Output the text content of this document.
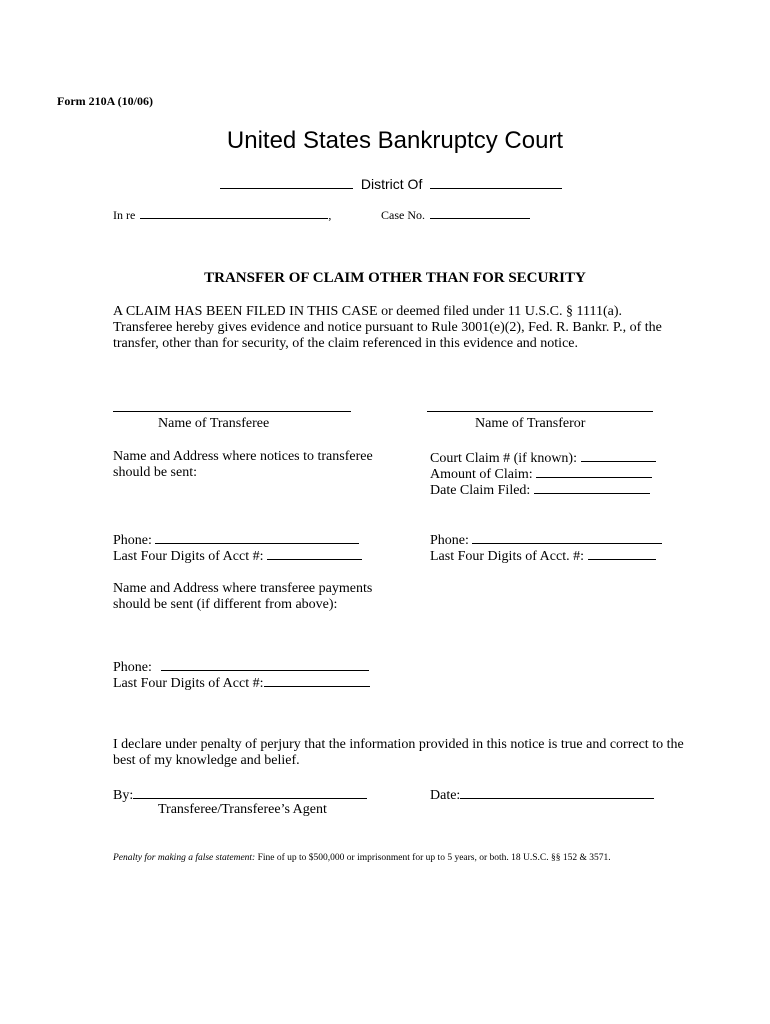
Form 210A (10/06)
United States Bankruptcy Court
District Of
In re	,	Case No.
TRANSFER OF CLAIM OTHER THAN FOR SECURITY
A CLAIM HAS BEEN FILED IN THIS CASE or deemed filed under 11 U.S.C. § 1111(a).
Transferee hereby gives evidence and notice pursuant to Rule 3001(e)(2), Fed. R. Bankr. P., of the
transfer, other than for security, of the claim referenced in this evidence and notice.
Name of Transferee	Name of Transferor
Name and Address where notices to transferee
should be sent:
Court Claim # (if known):
Amount of Claim:
Date Claim Filed:
Phone:
Last Four Digits of Acct #:
Phone:
Last Four Digits of Acct. #:
Name and Address where transferee payments
should be sent (if different from above):
Phone:
Last Four Digits of Acct #:
I declare under penalty of perjury that the information provided in this notice is true and correct to the
best of my knowledge and belief.
By:
Transferee/Transferee’s Agent
Date:
Penalty for making a false statement: Fine of up to $500,000 or imprisonment for up to 5 years, or both. 18 U.S.C. §§ 152 & 3571.
